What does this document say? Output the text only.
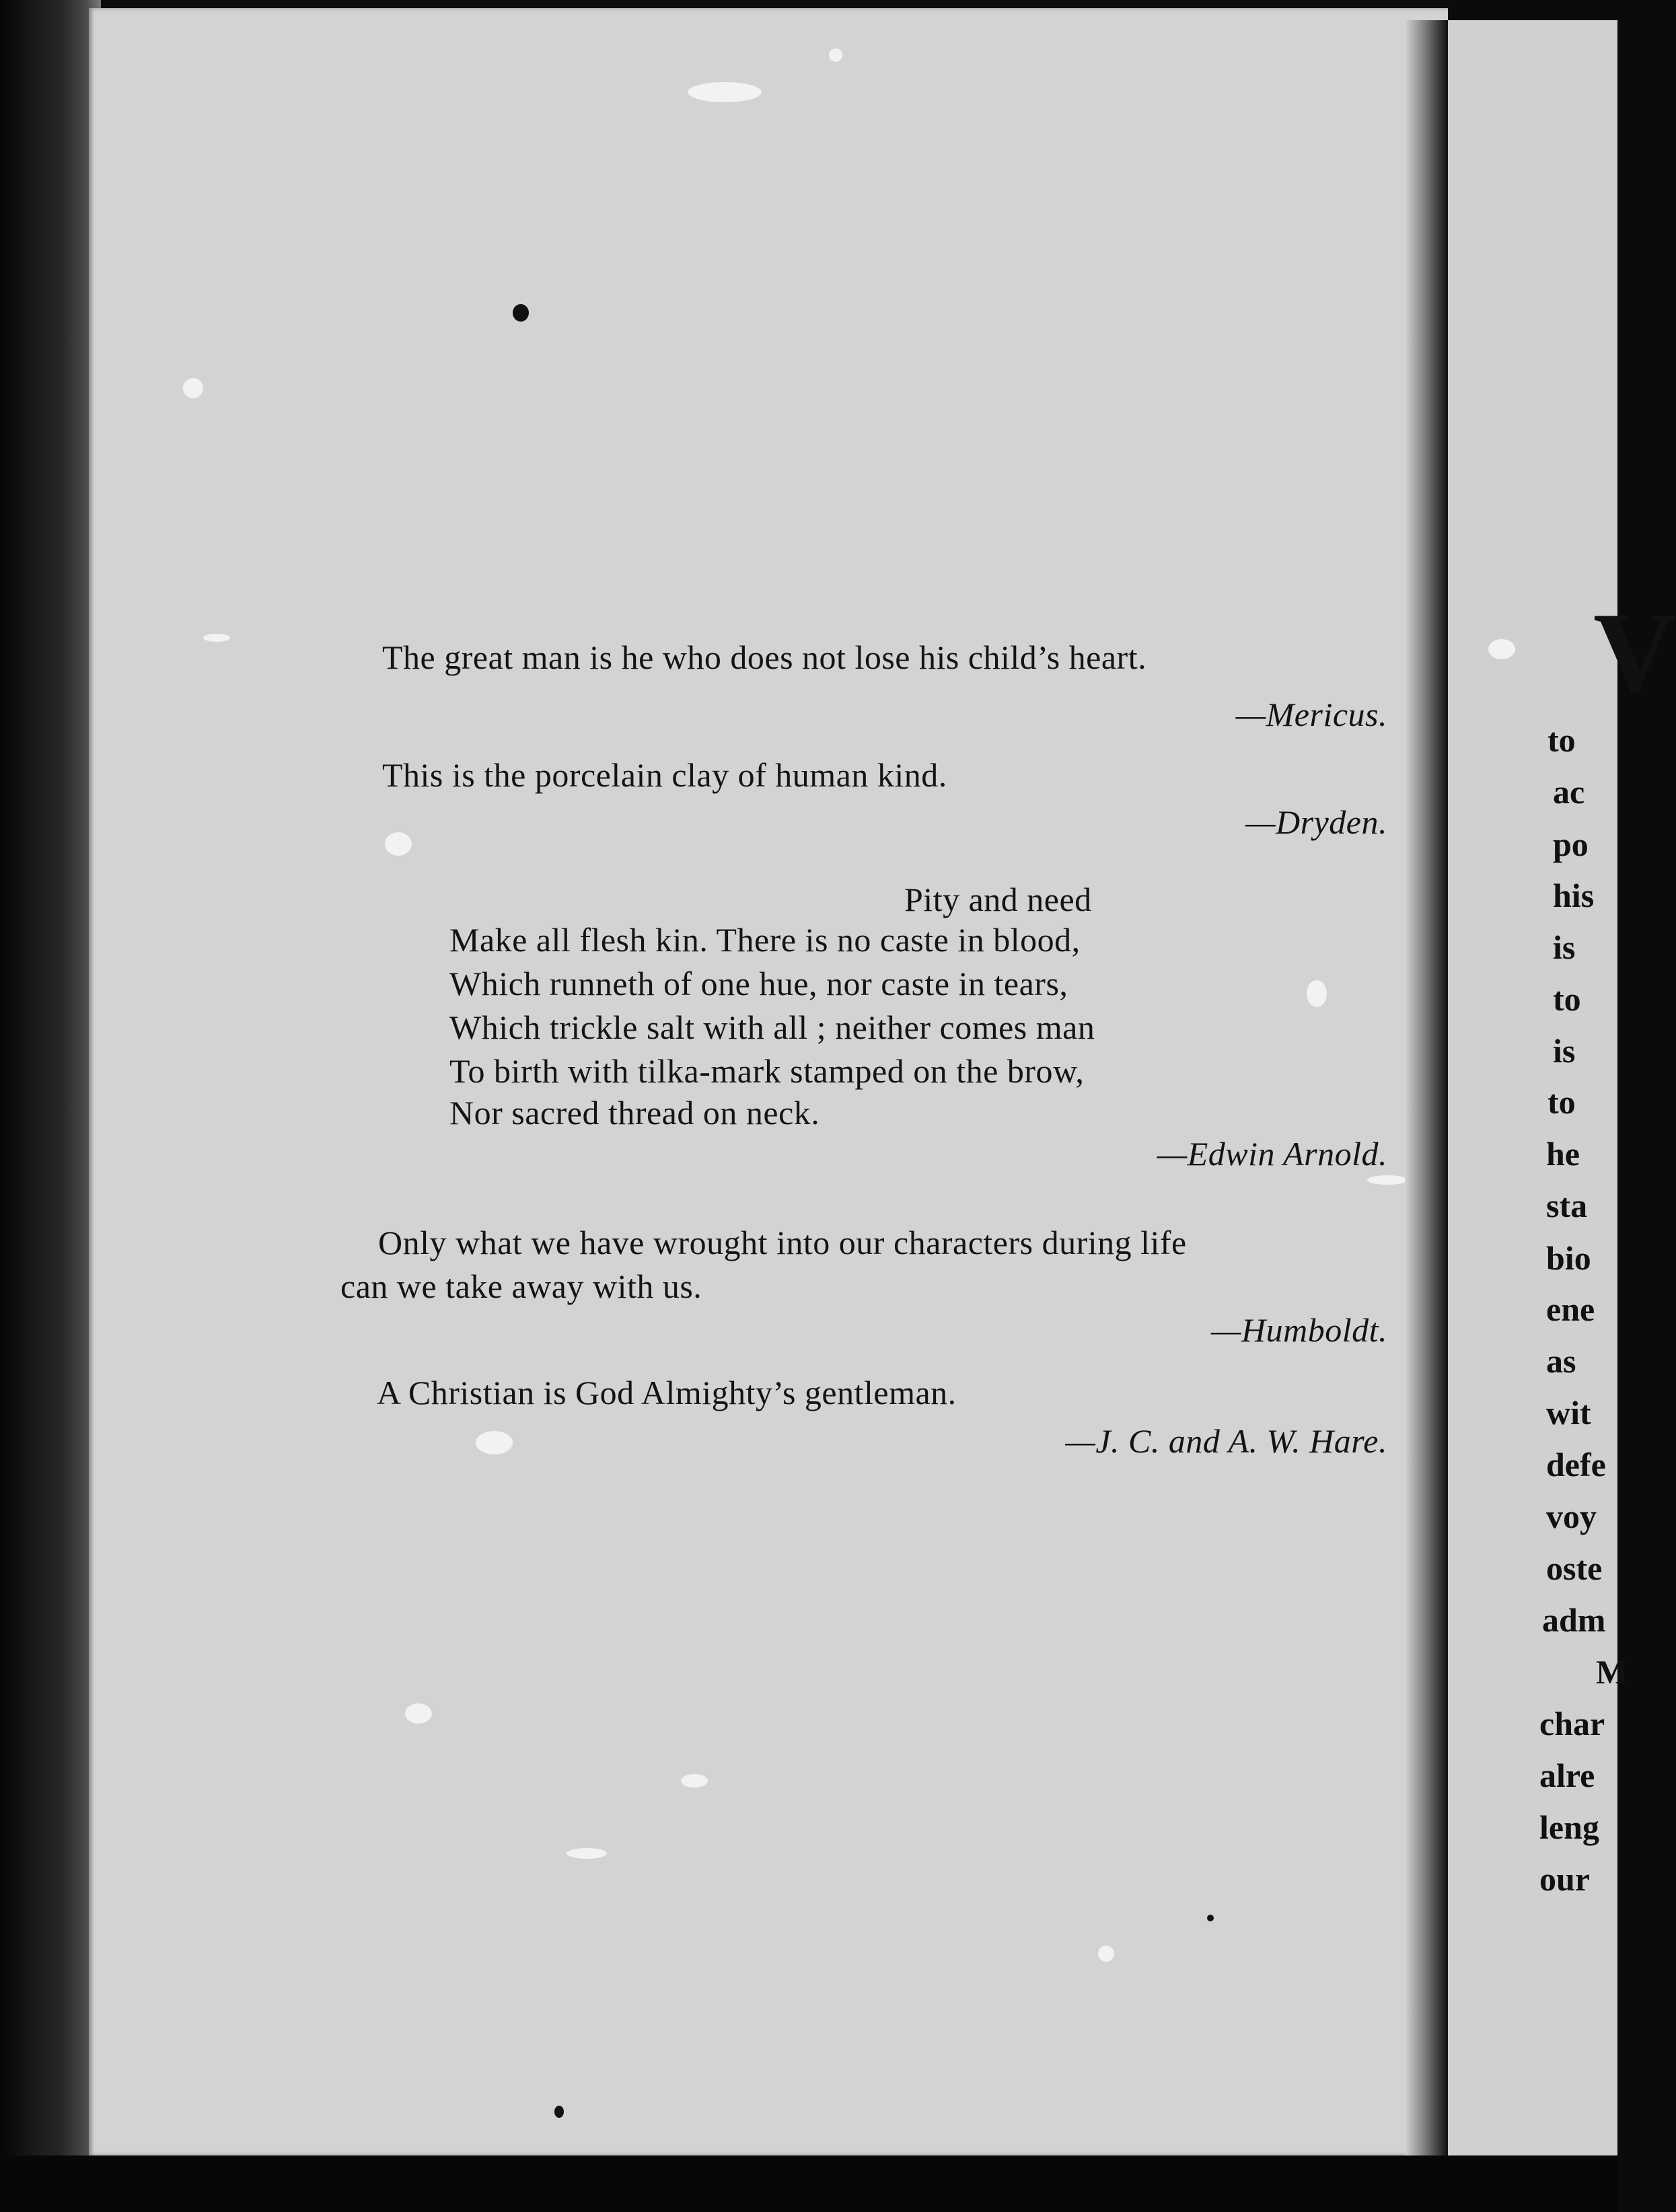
The great man is he who does not lose his child’s heart.
—Mericus.
This is the porcelain clay of human kind.
—Dryden.
Pity and need
Make all flesh kin. There is no caste in blood,
Which runneth of one hue, nor caste in tears,
Which trickle salt with all ; neither comes man
To birth with tilka-mark stamped on the brow,
Nor sacred thread on neck.
—Edwin Arnold.
Only what we have wrought into our characters during life
can we take away with us.
—Humboldt.
A Christian is God Almighty’s gentleman.
—J. C. and A. W. Hare.
V
to
ac
po
his
is
to
is
to
he
sta
bio
ene
as
wit
defe
voy
oste
adm
M
char
alre
leng
our
